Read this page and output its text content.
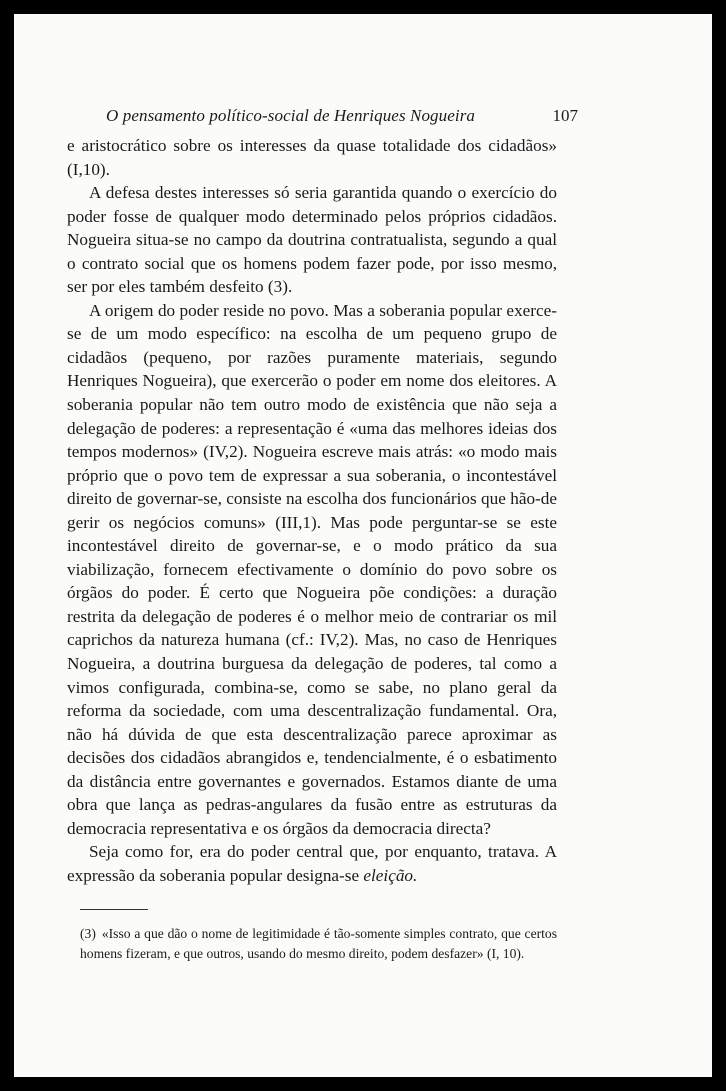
O pensamento político-social de Henriques Nogueira	107

e aristocrático sobre os interesses da quase totalidade dos cidadãos» (I,10).

A defesa destes interesses só seria garantida quando o exercício do poder fosse de qualquer modo determinado pelos próprios cidadãos. Nogueira situa-se no campo da doutrina contratualista, segundo a qual o contrato social que os homens podem fazer pode, por isso mesmo, ser por eles também desfeito (3).

A origem do poder reside no povo. Mas a soberania popular exerce-se de um modo específico: na escolha de um pequeno grupo de cidadãos (pequeno, por razões puramente materiais, segundo Henriques Nogueira), que exercerão o poder em nome dos eleitores. A soberania popular não tem outro modo de existência que não seja a delegação de poderes: a representação é «uma das melhores ideias dos tempos modernos» (IV,2). Nogueira escreve mais atrás: «o modo mais próprio que o povo tem de expressar a sua soberania, o incontestável direito de governar-se, consiste na escolha dos funcionários que hão-de gerir os negócios comuns» (III,1). Mas pode perguntar-se se este incontestável direito de governar-se, e o modo prático da sua viabilização, fornecem efectivamente o domínio do povo sobre os órgãos do poder. É certo que Nogueira põe condições: a duração restrita da delegação de poderes é o melhor meio de contrariar os mil caprichos da natureza humana (cf.: IV,2). Mas, no caso de Henriques Nogueira, a doutrina burguesa da delegação de poderes, tal como a vimos configurada, combina-se, como se sabe, no plano geral da reforma da sociedade, com uma descentralização fundamental. Ora, não há dúvida de que esta descentralização parece aproximar as decisões dos cidadãos abrangidos e, tendencialmente, é o esbatimento da distância entre governantes e governados. Estamos diante de uma obra que lança as pedras-angulares da fusão entre as estruturas da democracia representativa e os órgãos da democracia directa?

Seja como for, era do poder central que, por enquanto, tratava. A expressão da soberania popular designa-se eleição.

(3) «Isso a que dão o nome de legitimidade é tão-somente simples contrato, que certos homens fizeram, e que outros, usando do mesmo direito, podem desfazer» (I, 10).
